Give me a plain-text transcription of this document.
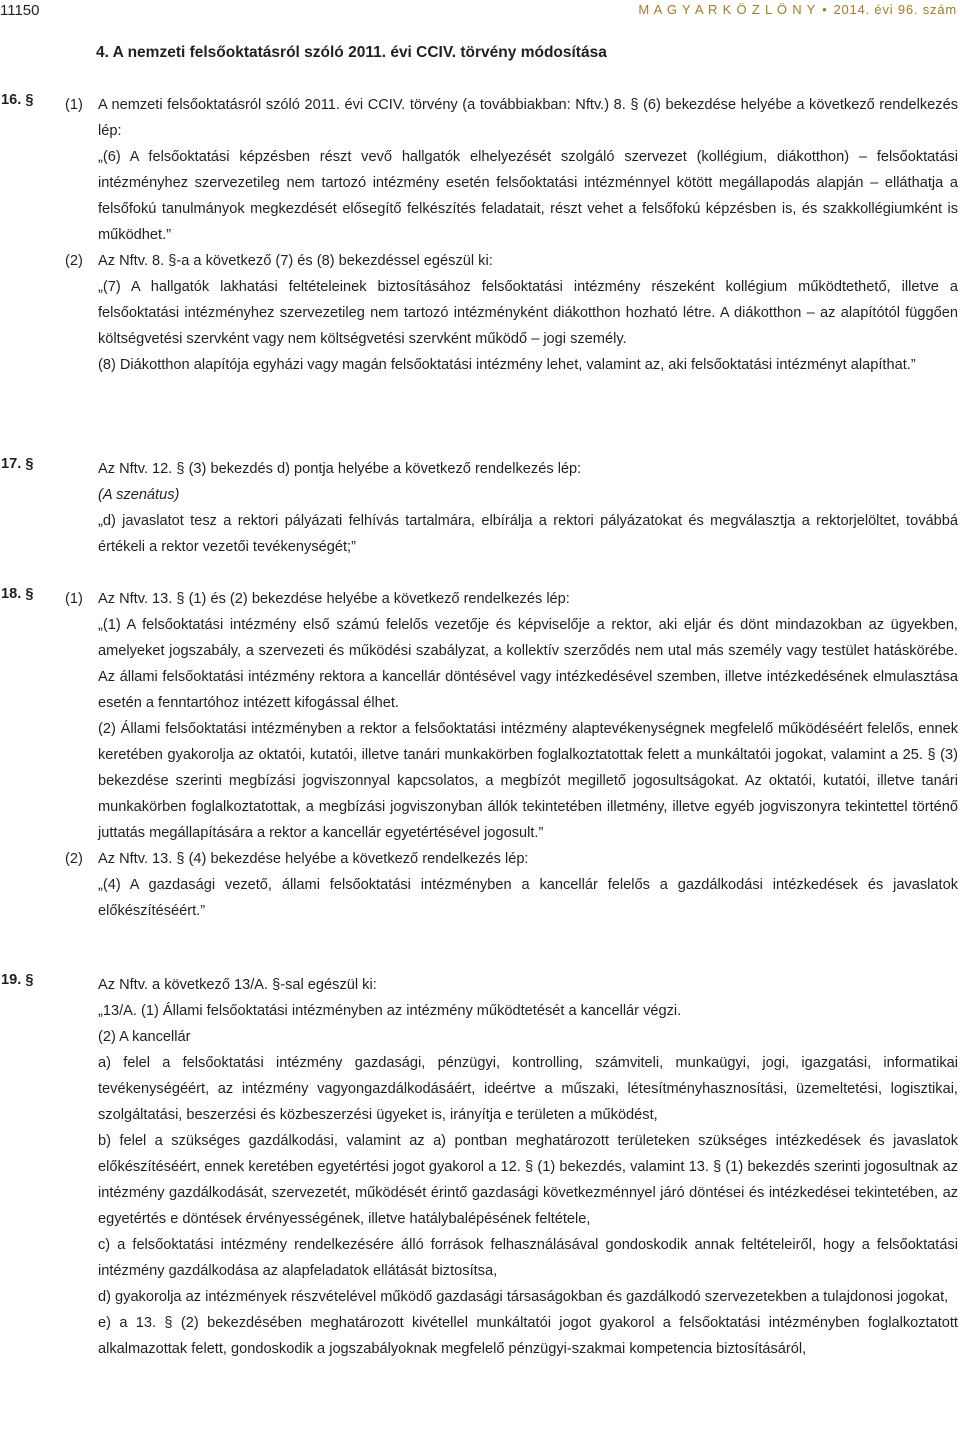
11150	M A G Y A R K Ö Z L Ö N Y • 2014. évi 96. szám
4. A nemzeti felsőoktatásról szóló 2011. évi CCIV. törvény módosítása
16. §	(1) A nemzeti felsőoktatásról szóló 2011. évi CCIV. törvény (a továbbiakban: Nftv.) 8. § (6) bekezdése helyébe a következő rendelkezés lép:

„(6) A felsőoktatási képzésben részt vevő hallgatók elhelyezését szolgáló szervezet (kollégium, diákotthon) – felsőoktatási intézményhez szervezetileg nem tartozó intézmény esetén felsőoktatási intézménnyel kötött megállapodás alapján – elláthatja a felsőfokú tanulmányok megkezdését elősegítő felkészítés feladatait, részt vehet a felsőfokú képzésben is, és szakkollégiumként is működhet.”

(2) Az Nftv. 8. §-a a következő (7) és (8) bekezdéssel egészül ki:

„(7) A hallgatók lakhatási feltételeinek biztosításához felsőoktatási intézmény részeként kollégium működtethető, illetve a felsőoktatási intézményhez szervezetileg nem tartozó intézményként diákotthon hozható létre. A diákotthon – az alapítótól függően költségvetési szervként vagy nem költségvetési szervként működő – jogi személy.

(8) Diákotthon alapítója egyházi vagy magán felsőoktatási intézmény lehet, valamint az, aki felsőoktatási intézményt alapíthat.”

17. §	Az Nftv. 12. § (3) bekezdés d) pontja helyébe a következő rendelkezés lép:

(A szenátus)

„d) javaslatot tesz a rektori pályázati felhívás tartalmára, elbírálja a rektori pályázatokat és megválasztja a rektorjelöltet, továbbá értékeli a rektor vezetői tevékenységét;”

18. §	(1) Az Nftv. 13. § (1) és (2) bekezdése helyébe a következő rendelkezés lép:

„(1) A felsőoktatási intézmény első számú felelős vezetője és képviselője a rektor, aki eljár és dönt mindazokban az ügyekben, amelyeket jogszabály, a szervezeti és működési szabályzat, a kollektív szerződés nem utal más személy vagy testület hatáskörébe. Az állami felsőoktatási intézmény rektora a kancellár döntésével vagy intézkedésével szemben, illetve intézkedésének elmulasztása esetén a fenntartóhoz intézett kifogással élhet.

(2) Állami felsőoktatási intézményben a rektor a felsőoktatási intézmény alaptevékenységnek megfelelő működéséért felelős, ennek keretében gyakorolja az oktatói, kutatói, illetve tanári munkakörben foglalkoztatottak felett a munkáltatói jogokat, valamint a 25. § (3) bekezdése szerinti megbízási jogviszonnyal kapcsolatos, a megbízót megillető jogosultságokat. Az oktatói, kutatói, illetve tanári munkakörben foglalkoztatottak, a megbízási jogviszonyban állók tekintetében illetmény, illetve egyéb jogviszonyra tekintettel történő juttatás megállapítására a rektor a kancellár egyetértésével jogosult.”

(2) Az Nftv. 13. § (4) bekezdése helyébe a következő rendelkezés lép:

„(4) A gazdasági vezető, állami felsőoktatási intézményben a kancellár felelős a gazdálkodási intézkedések és javaslatok előkészítéséért.”

19. §	Az Nftv. a következő 13/A. §-sal egészül ki:

„13/A. (1) Állami felsőoktatási intézményben az intézmény működtetését a kancellár végzi.

(2) A kancellár

a) felel a felsőoktatási intézmény gazdasági, pénzügyi, kontrolling, számviteli, munkaügyi, jogi, igazgatási, informatikai tevékenységéért, az intézmény vagyongazdálkodásáért, ideértve a műszaki, létesítményhasznosítási, üzemeltetési, logisztikai, szolgáltatási, beszerzési és közbeszerzési ügyeket is, irányítja e területen a működést,

b) felel a szükséges gazdálkodási, valamint az a) pontban meghatározott területeken szükséges intézkedések és javaslatok előkészítéséért, ennek keretében egyetértési jogot gyakorol a 12. § (1) bekezdés, valamint 13. § (1) bekezdés szerinti jogosultnak az intézmény gazdálkodását, szervezetét, működését érintő gazdasági következménnyel járó döntései és intézkedései tekintetében, az egyetértés e döntések érvényességének, illetve hatálybalépésének feltétele,

c) a felsőoktatási intézmény rendelkezésére álló források felhasználásával gondoskodik annak feltételeiről, hogy a felsőoktatási intézmény gazdálkodása az alapfeladatok ellátását biztosítsa,

d) gyakorolja az intézmények részvételével működő gazdasági társaságokban és gazdálkodó szervezetekben a tulajdonosi jogokat,

e) a 13. § (2) bekezdésében meghatározott kivétellel munkáltatói jogot gyakorol a felsőoktatási intézményben foglalkoztatott alkalmazottak felett, gondoskodik a jogszabályoknak megfelelő pénzügyi-szakmai kompetencia biztosításáról,
